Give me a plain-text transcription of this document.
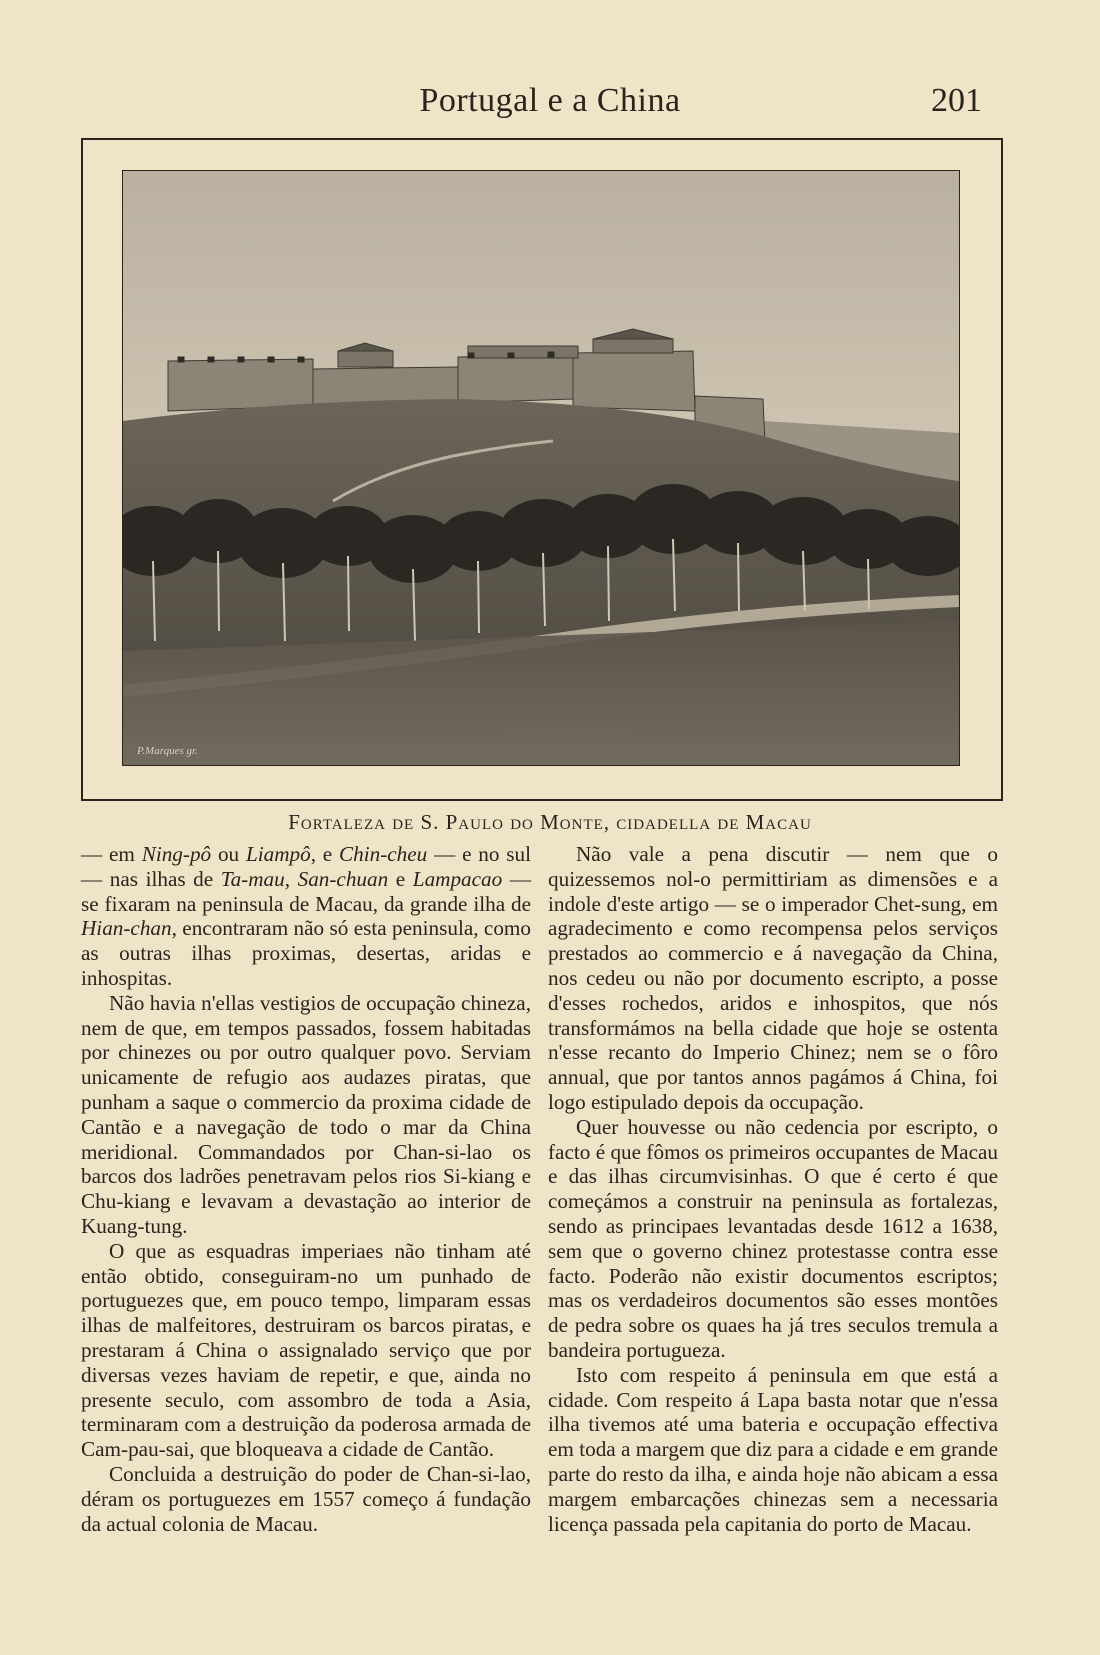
Portugal e a China	201
P.Marques gr.
Fortaleza de S. Paulo do Monte, cidadella de Macau

— em Ning-pô ou Liampô, e Chin-cheu — e no sul — nas ilhas de Ta-mau, San-chuan e Lampacao — se fixaram na peninsula de Macau, da grande ilha de Hian-chan, encontraram não só esta peninsula, como as outras ilhas proximas, desertas, aridas e inhospitas.

Não havia n'ellas vestigios de occupação chineza, nem de que, em tempos passados, fossem habitadas por chinezes ou por outro qualquer povo. Serviam unicamente de refugio aos audazes piratas, que punham a saque o commercio da proxima cidade de Cantão e a navegação de todo o mar da China meridional. Commandados por Chan-si-lao os barcos dos ladrões penetravam pelos rios Si-kiang e Chu-kiang e levavam a devastação ao interior de Kuang-tung.

O que as esquadras imperiaes não tinham até então obtido, conseguiram-no um punhado de portuguezes que, em pouco tempo, limparam essas ilhas de malfeitores, destruiram os barcos piratas, e prestaram á China o assignalado serviço que por diversas vezes haviam de repetir, e que, ainda no presente seculo, com assombro de toda a Asia, terminaram com a destruição da poderosa armada de Cam-pau-sai, que bloqueava a cidade de Cantão.

Concluida a destruição do poder de Chan-si-lao, déram os portuguezes em 1557 começo á fundação da actual colonia de Macau.

Não vale a pena discutir — nem que o quizessemos nol-o permittiriam as dimensões e a indole d'este artigo — se o imperador Chet-sung, em agradecimento e como recompensa pelos serviços prestados ao commercio e á navegação da China, nos cedeu ou não por documento escripto, a posse d'esses rochedos, aridos e inhospitos, que nós transformámos na bella cidade que hoje se ostenta n'esse recanto do Imperio Chinez; nem se o fôro annual, que por tantos annos pagámos á China, foi logo estipulado depois da occupação.

Quer houvesse ou não cedencia por escripto, o facto é que fômos os primeiros occupantes de Macau e das ilhas circumvisinhas. O que é certo é que começámos a construir na peninsula as fortalezas, sendo as principaes levantadas desde 1612 a 1638, sem que o governo chinez protestasse contra esse facto. Poderão não existir documentos escriptos; mas os verdadeiros documentos são esses montões de pedra sobre os quaes ha já tres seculos tremula a bandeira portugueza.

Isto com respeito á peninsula em que está a cidade. Com respeito á Lapa basta notar que n'essa ilha tivemos até uma bateria e occupação effectiva em toda a margem que diz para a cidade e em grande parte do resto da ilha, e ainda hoje não abicam a essa margem embarcações chinezas sem a necessaria licença passada pela capitania do porto de Macau.
